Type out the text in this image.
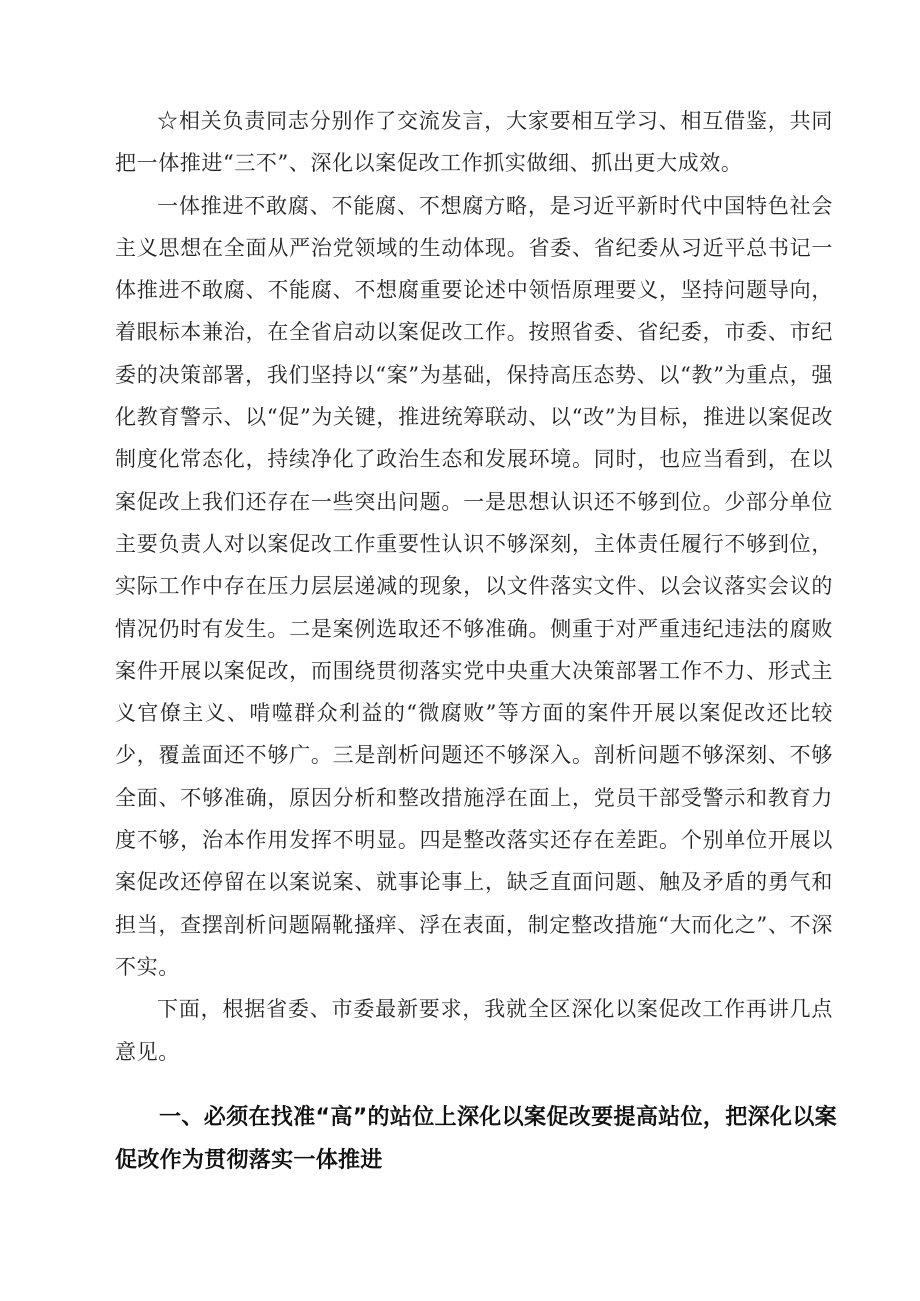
☆相关负责同志分别作了交流发言，大家要相互学习、相互借鉴，共同把一体推进“三不”、深化以案促改工作抓实做细、抓出更大成效。

一体推进不敢腐、不能腐、不想腐方略，是习近平新时代中国特色社会主义思想在全面从严治党领域的生动体现。省委、省纪委从习近平总书记一体推进不敢腐、不能腐、不想腐重要论述中领悟原理要义，坚持问题导向，着眼标本兼治，在全省启动以案促改工作。按照省委、省纪委，市委、市纪委的决策部署，我们坚持以“案”为基础，保持高压态势、以“教”为重点，强化教育警示、以“促”为关键，推进统筹联动、以“改”为目标，推进以案促改制度化常态化，持续净化了政治生态和发展环境。同时，也应当看到，在以案促改上我们还存在一些突出问题。一是思想认识还不够到位。少部分单位主要负责人对以案促改工作重要性认识不够深刻，主体责任履行不够到位，实际工作中存在压力层层递减的现象，以文件落实文件、以会议落实会议的情况仍时有发生。二是案例选取还不够准确。侧重于对严重违纪违法的腐败案件开展以案促改，而围绕贯彻落实党中央重大决策部署工作不力、形式主义官僚主义、啃噬群众利益的“微腐败”等方面的案件开展以案促改还比较少，覆盖面还不够广。三是剖析问题还不够深入。剖析问题不够深刻、不够全面、不够准确，原因分析和整改措施浮在面上，党员干部受警示和教育力度不够，治本作用发挥不明显。四是整改落实还存在差距。个别单位开展以案促改还停留在以案说案、就事论事上，缺乏直面问题、触及矛盾的勇气和担当，查摆剖析问题隔靴搔痒、浮在表面，制定整改措施“大而化之”、不深不实。

下面，根据省委、市委最新要求，我就全区深化以案促改工作再讲几点意见。

一、必须在找准“高”的站位上深化以案促改要提高站位，把深化以案促改作为贯彻落实一体推进
